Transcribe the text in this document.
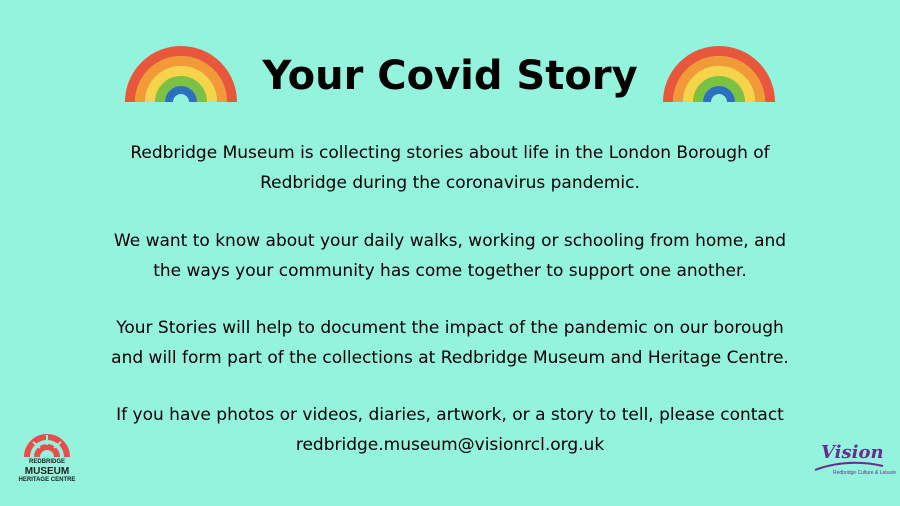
Your Covid Story
Redbridge Museum is collecting stories about life in the London Borough of
Redbridge during the coronavirus pandemic.
We want to know about your daily walks, working or schooling from home, and
the ways your community has come together to support one another.
Your Stories will help to document the impact of the pandemic on our borough
and will form part of the collections at Redbridge Museum and Heritage Centre.
If you have photos or videos, diaries, artwork, or a story to tell, please contact
redbridge.museum@visionrcl.org.uk
REDBRIDGE
MUSEUM
HERITAGE CENTRE
Vision
Redbridge Culture & Leisure
